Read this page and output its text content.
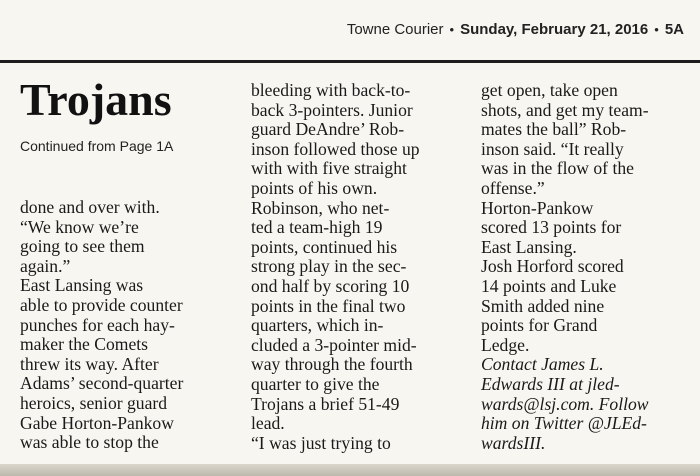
Towne Courier • Sunday, February 21, 2016 • 5A
Trojans
Continued from Page 1A

done and over with.

“We know we’re

going to see them

again.”

East Lansing was

able to provide counter

punches for each hay-

maker the Comets

threw its way. After

Adams’ second-quarter

heroics, senior guard

Gabe Horton-Pankow

was able to stop the

bleeding with back-to-

back 3-pointers. Junior

guard DeAndre’ Rob-

inson followed those up

with with five straight

points of his own.

Robinson, who net-

ted a team-high 19

points, continued his

strong play in the sec-

ond half by scoring 10

points in the final two

quarters, which in-

cluded a 3-pointer mid-

way through the fourth

quarter to give the

Trojans a brief 51-49

lead.

“I was just trying to

get open, take open

shots, and get my team-

mates the ball” Rob-

inson said. “It really

was in the flow of the

offense.”

Horton-Pankow

scored 13 points for

East Lansing.

Josh Horford scored

14 points and Luke

Smith added nine

points for Grand

Ledge.

Contact James L.

Edwards III at jled-

wards@lsj.com. Follow

him on Twitter @JLEd-

wardsIII.
